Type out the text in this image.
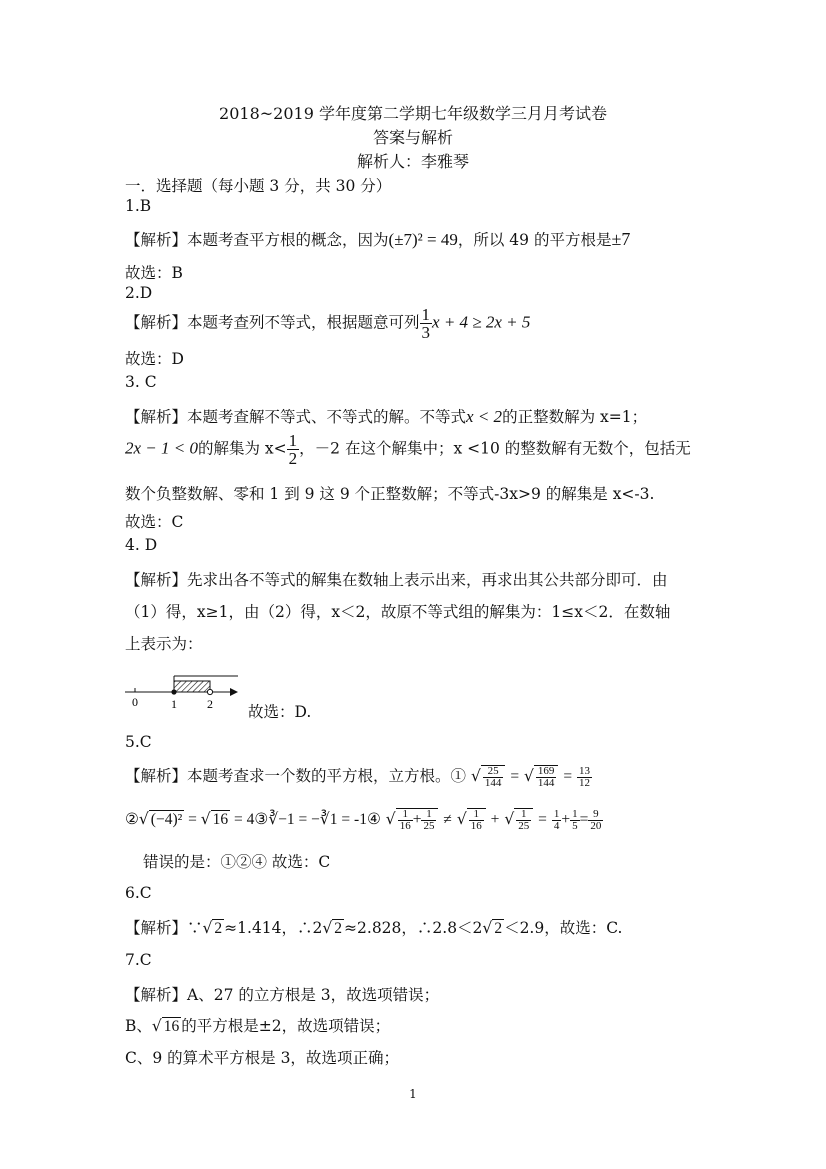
2018~2019 学年度第二学期七年级数学三月月考试卷
答案与解析
解析人：李雅琴
一．选择题（每小题 3 分，共 30 分）
1.B
【解析】本题考查平方根的概念，因为(±7)² = 49，所以 49 的平方根是±7
故选：B
2.D
【解析】本题考查列不等式，根据题意可列 $\frac{1}{3}$ x + 4 ≥ 2x + 5
故选：D
3. C
【解析】本题考查解不等式、不等式的解。不等式x < 2的正整数解为 x=1；
2x − 1 < 0的解集为 $x< \frac{1}{2}$ ，－2 在这个解集中；x <10 的整数解有无数个，包括无
数个负整数解、零和 1 到 9 这 9 个正整数解；不等式-3x>9 的解集是 x<-3.
故选：C
4. D
【解析】先求出各不等式的解集在数轴上表示出来，再求出其公共部分即可．由
（1）得，x≥1，由（2）得，x＜2，故原不等式组的解集为：1≤x＜2．在数轴
上表示为：
0	1	2 故选：D.
5.C
【解析】本题考查求一个数的平方根，立方根。① √ $\frac{25}{144}$ = √ $\frac{169}{144} = \frac{13}{12}$
②√ (−4)² = √ 16 = 4③∛−1 = −∛1 = -1④ √ $\frac{1}{16} + \frac{1}{25}$ ≠ √ $\frac{1}{16}$ + √ $\frac{1}{25} = \frac{1}{4} + \frac{1}{5} = \frac{9}{20}$
错误的是：①②④ 故选：C
6.C
【解析】∵√ 2 ≈1.414，∴2√ 2 ≈2.828，∴2.8＜2√ 2 ＜2.9，故选：C.
7.C
【解析】A、27 的立方根是 3，故选项错误；
B、√ 16 的平方根是±2，故选项错误；
C、9 的算术平方根是 3，故选项正确；
1
